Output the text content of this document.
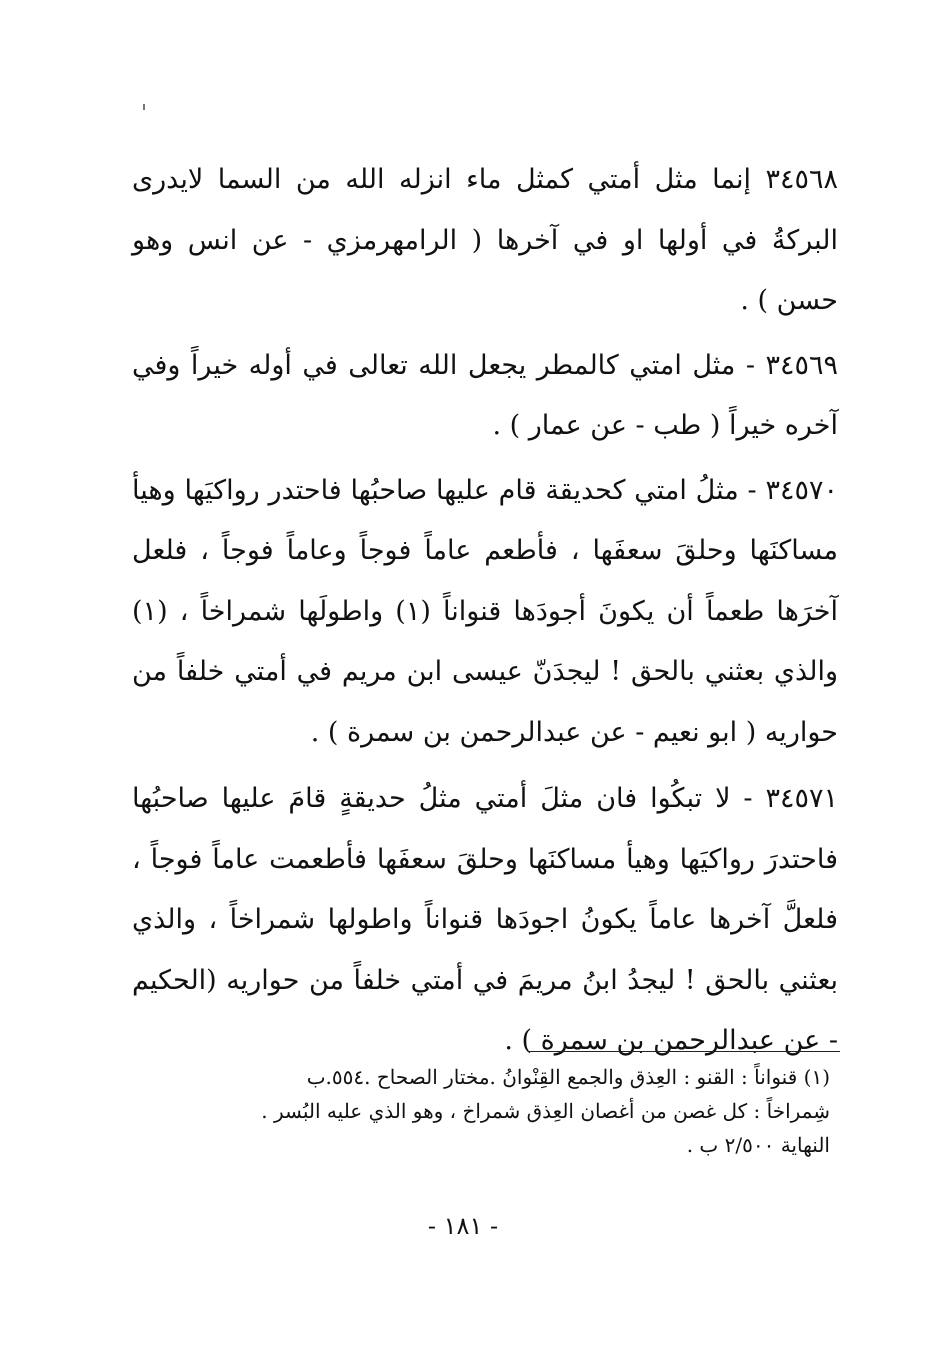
٣٤٥٦٨ إنما مثل أمتي كمثل ماء انزله الله من السما لايدرى البركةُ في أولها او في آخرها ( الرامهرمزي - عن انس وهو حسن ) .

٣٤٥٦٩ - مثل امتي كالمطر يجعل الله تعالى في أوله خيراً وفي آخره خيراً ( طب - عن عمار ) .

٣٤٥٧٠ - مثلُ امتي كحديقة قام عليها صاحبُها فاحتدر رواكيَها وهيأ مساكنَها وحلقَ سعفَها ، فأطعم عاماً فوجاً وعاماً فوجاً ، فلعل آخرَها طعماً أن يكونَ أجودَها قنواناً (١) واطولَها شمراخاً ، (١) والذي بعثني بالحق ! ليجدَنّ عيسى ابن مريم في أمتي خلفاً من حواريه ( ابو نعيم - عن عبدالرحمن بن سمرة ) .

٣٤٥٧١ - لا تبكُوا فان مثلَ أمتي مثلُ حديقةٍ قامَ عليها صاحبُها فاحتدرَ رواكيَها وهيأ مساكنَها وحلقَ سعفَها فأطعمت عاماً فوجاً ، فلعلَّ آخرها عاماً يكونُ اجودَها قنواناً واطولها شمراخاً ، والذي بعثني بالحق ! ليجدُ ابنُ مريمَ في أمتي خلفاً من حواريه (الحكيم - عن عبدالرحمن بن سمرة ) .

(١) قنواناً : القنو : العِذق والجمع القِنْوانُ .مختار الصحاح .٥٥٤.ب
شِمراخاً : كل غصن من أغصان العِذق شمراخ ، وهو الذي عليه البُسر .
النهاية ٢/٥٠٠ ب .
- ١٨١ -
